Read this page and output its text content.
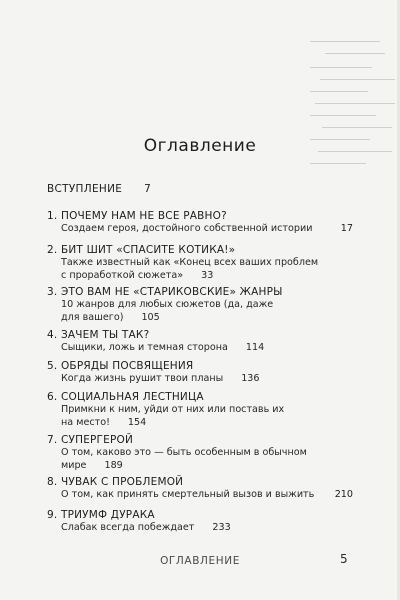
Оглавление
ВСТУПЛЕНИЕ 7
1. ПОЧЕМУ НАМ НЕ ВСЕ РАВНО?
Создаем героя, достойного собственной истории	17
2. БИТ ШИТ «СПАСИТЕ КОТИКА!»
Также известный как «Конец всех ваших проблем
с проработкой сюжета» 33
3. ЭТО ВАМ НЕ «СТАРИКОВСКИЕ» ЖАНРЫ
10 жанров для любых сюжетов (да, даже
для вашего) 105
4. ЗАЧЕМ ТЫ ТАК?
Сыщики, ложь и темная сторона 114
5. ОБРЯДЫ ПОСВЯЩЕНИЯ
Когда жизнь рушит твои планы 136
6. СОЦИАЛЬНАЯ ЛЕСТНИЦА
Примкни к ним, уйди от них или поставь их
на место! 154
7. СУПЕРГЕРОЙ
О том, каково это — быть особенным в обычном
мире 189
8. ЧУВАК С ПРОБЛЕМОЙ
О том, как принять смертельный вызов и выжить	210
9. ТРИУМФ ДУРАКА
Слабак всегда побеждает 233
ОГЛАВЛЕНИЕ	5
